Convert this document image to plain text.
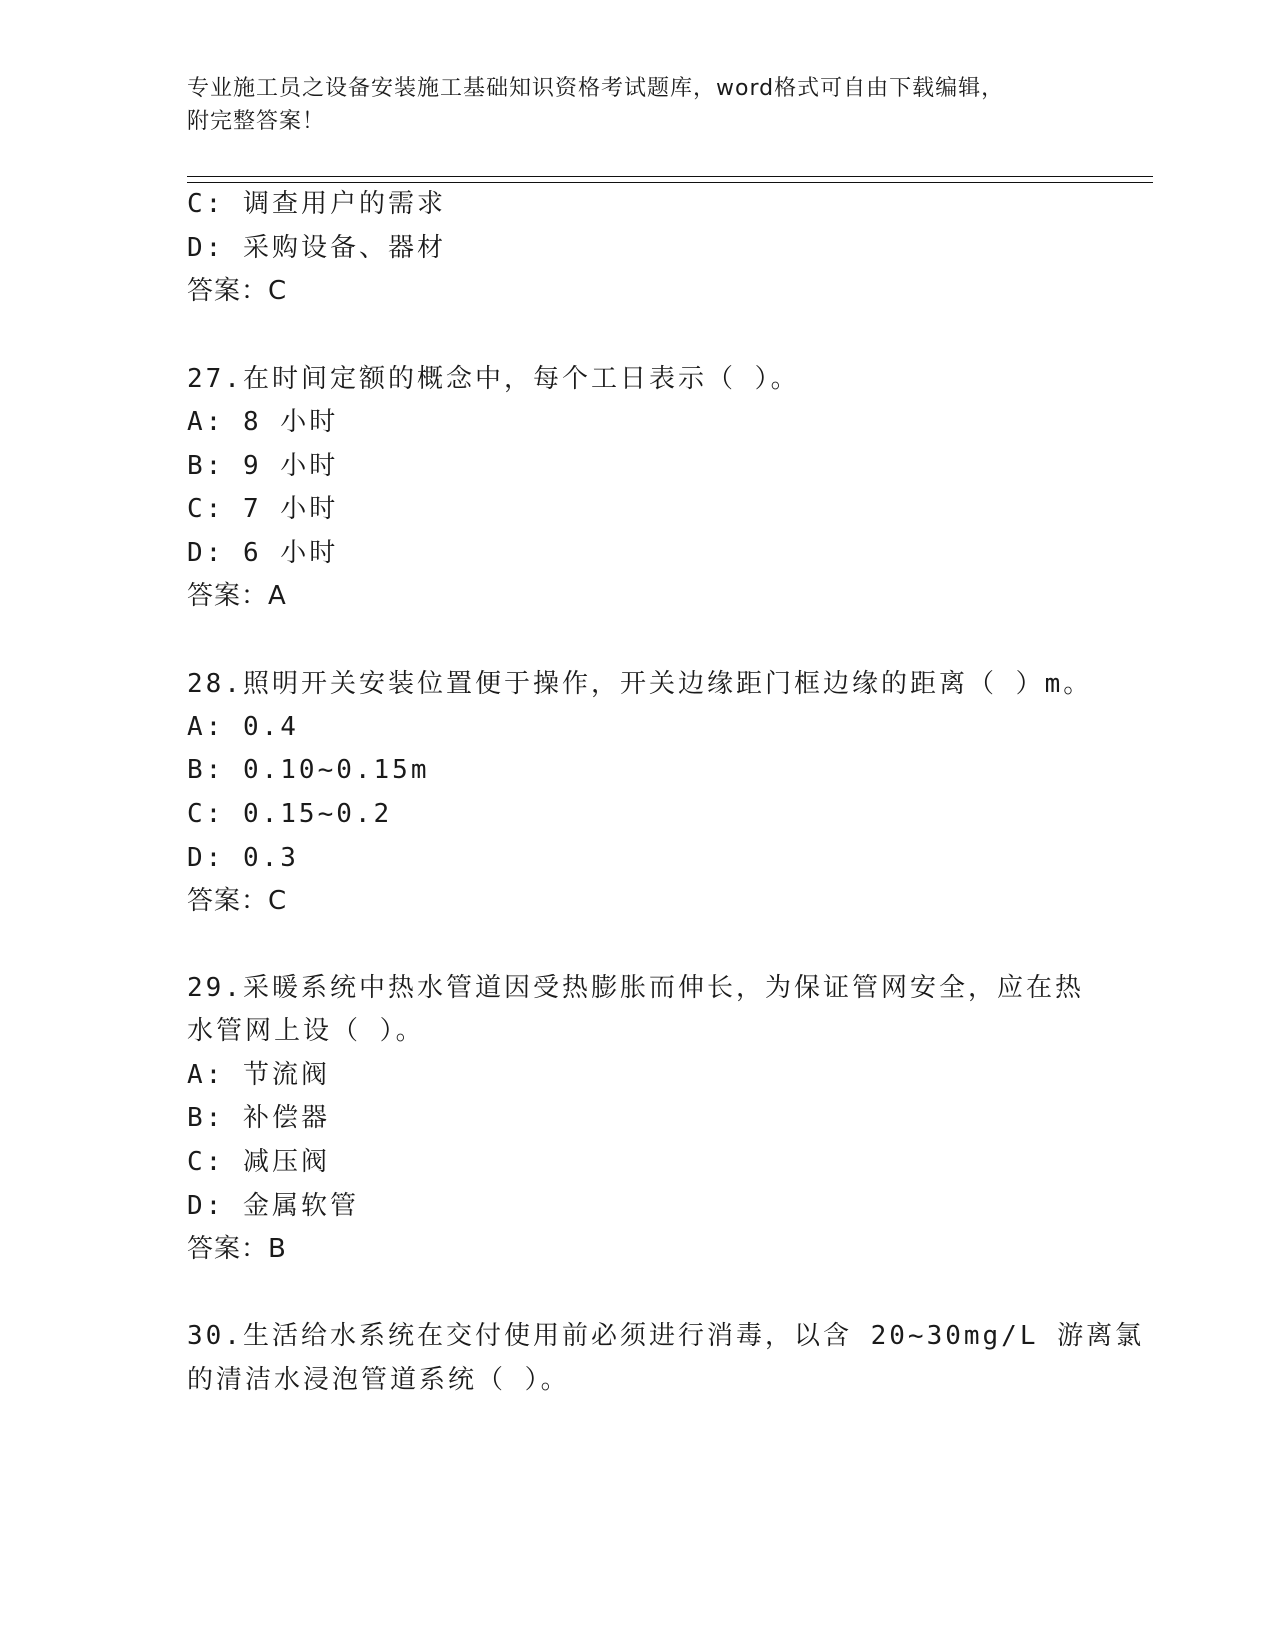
专业施工员之设备安装施工基础知识资格考试题库，word格式可自由下载编辑，
附完整答案！
C: 调查用户的需求
D: 采购设备、器材
答案：C
27.在时间定额的概念中，每个工日表示（ ）。
A: 8 小时
B: 9 小时
C: 7 小时
D: 6 小时
答案：A
28.照明开关安装位置便于操作，开关边缘距门框边缘的距离（ ）m。
A: 0.4
B: 0.10~0.15m
C: 0.15~0.2
D: 0.3
答案：C
29.采暖系统中热水管道因受热膨胀而伸长，为保证管网安全，应在热
水管网上设（ ）。
A: 节流阀
B: 补偿器
C: 减压阀
D: 金属软管
答案：B
30.生活给水系统在交付使用前必须进行消毒，以含 20~30mg/L 游离氯
的清洁水浸泡管道系统（ ）。
